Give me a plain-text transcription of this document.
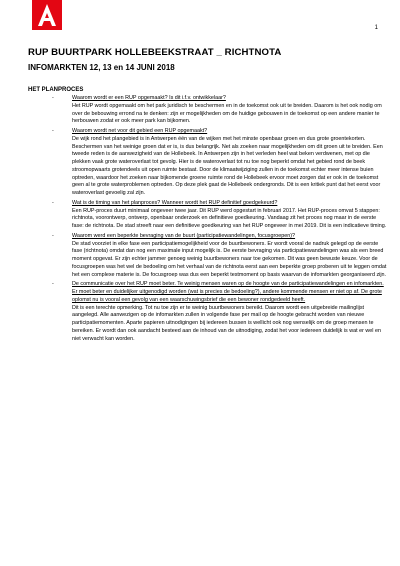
1
RUP BUURTPARK HOLLEBEEKSTRAAT _ RICHTNOTA
INFOMARKTEN 12, 13 en 14 JUNI 2018
HET PLANPROCES
-	Waarom wordt er een RUP opgemaakt? Is dit i.f.v. ontwikkelaar?

Het RUP wordt opgemaakt om het park juridisch te beschermen en in de toekomst ook uit te breiden. Daarom is het ook nodig om over de bebouwing errond na te denken: zijn er mogelijkheden om de huidige gebouwen in de toekomst op een andere manier te herbouwen zodat er ook meer park kan bijkomen.

-	Waarom wordt net voor dit gebied een RUP opgemaakt?

De wijk rond het plangebied is in Antwerpen één van de wijken met het minste openbaar groen en dus grote groentekorten. Beschermen van het weinige groen dat er is, is dus belangrijk. Net als zoeken naar mogelijkheden om dit groen uit te breiden. Een tweede reden is de aanwezigheid van de Hollebeek. In Antwerpen zijn in het verleden heel wat beken verdwenen, met op die plekken vaak grote wateroverlast tot gevolg. Hier is de wateroverlast tot nu toe nog beperkt omdat het gebied rond de beek stroomopwaarts grotendeels uit open ruimte bestaat. Door de klimaatwijziging zullen in de toekomst echter meer intense buien optreden, waardoor het zoeken naar bijkomende groene ruimte rond de Hollebeek ervoor moet zorgen dat er ook in de toekomst geen al te grote waterproblemen optreden. Op deze plek gaat de Hollebeek ondergronds. Dit is een kritiek punt dat het eerst voor wateroverlast gevoelig zal zijn.

-	Wat is de timing van het planproces? Wanneer wordt het RUP definitief goedgekeurd?

Een RUP-proces duurt minimaal ongeveer twee jaar. Dit RUP werd opgestart in februari 2017. Het RUP-proces omvat 5 stappen: richtnota, voorontwerp, ontwerp, openbaar onderzoek en definitieve goedkeuring. Vandaag zit het proces nog maar in de eerste fase: de richtnota. De stad streeft naar een definitieve goedkeuring van het RUP ongeveer in mei 2019. Dit is een indicatieve timing.

-	Waarom werd een beperkte bevraging van de buurt (participatiewandelingen, focusgroepen)?

De stad voorziet in elke fase een participatiemogelijkheid voor de buurtbewoners. Er wordt vooral de nadruk gelegd op de eerste fase (richtnota) omdat dan nog een maximale input mogelijk is. De eerste bevraging via participatiewandelingen was als een breed moment opgevat. Er zijn echter jammer genoeg weinig buurtbewoners naar toe gekomen. Dit was geen bewuste keuze. Voor de focusgroepen was het wel de bedoeling om het verhaal van de richtnota eerst aan een beperkte groep proberen uit te leggen omdat het een complexe materie is. De focusgroep was dus een beperkt testmoment op basis waarvan de infomarkten georganiseerd zijn.

-	De communicatie over het RUP moet beter. Te weinig mensen waren op de hoogte van de participatiewandelingen en infomarkten. Er moet beter en duidelijker uitgenodigd worden (wat is precies de bedoeling?), andere kommende mensen er niet op af. De grote oplomst nu is vooral een gevolg van een waarschuwingsbrief die een bewoner rondgedeeld heeft.

Dit is een terechte opmerking. Tot nu toe zijn er te weinig buurtbewoners bereikt. Daarom wordt een uitgebreide mailinglijst aangelegd. Alle aanwezigen op de infomarkten zullen in volgende fase per mail op de hoogte gebracht worden van nieuwe participatiemomenten. Aparte papieren uitnodigingen bij iedereen bussen is wellicht ook nog wenselijk om de groep mensen te bereiken. Er wordt dan ook aandacht besteed aan de inhoud van de uitnodiging, zodat het voor iedereen duidelijk is wat er wel en niet verwacht kan worden.
